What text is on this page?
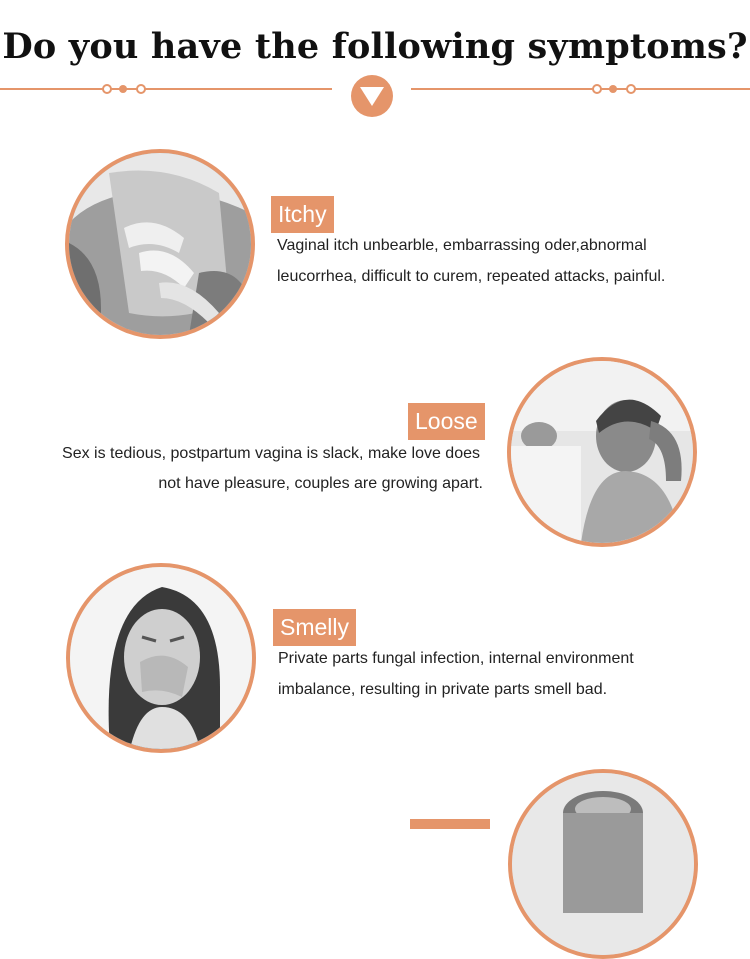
Do you have the following symptoms?
Itchy
Vaginal itch unbearble, embarrassing oder,abnormal
leucorrhea, difficult to curem, repeated attacks, painful.
Loose
Sex is tedious, postpartum vagina is slack, make love does
not have pleasure, couples are growing apart.
Smelly
Private parts fungal infection, internal environment
imbalance, resulting in private parts smell bad.
